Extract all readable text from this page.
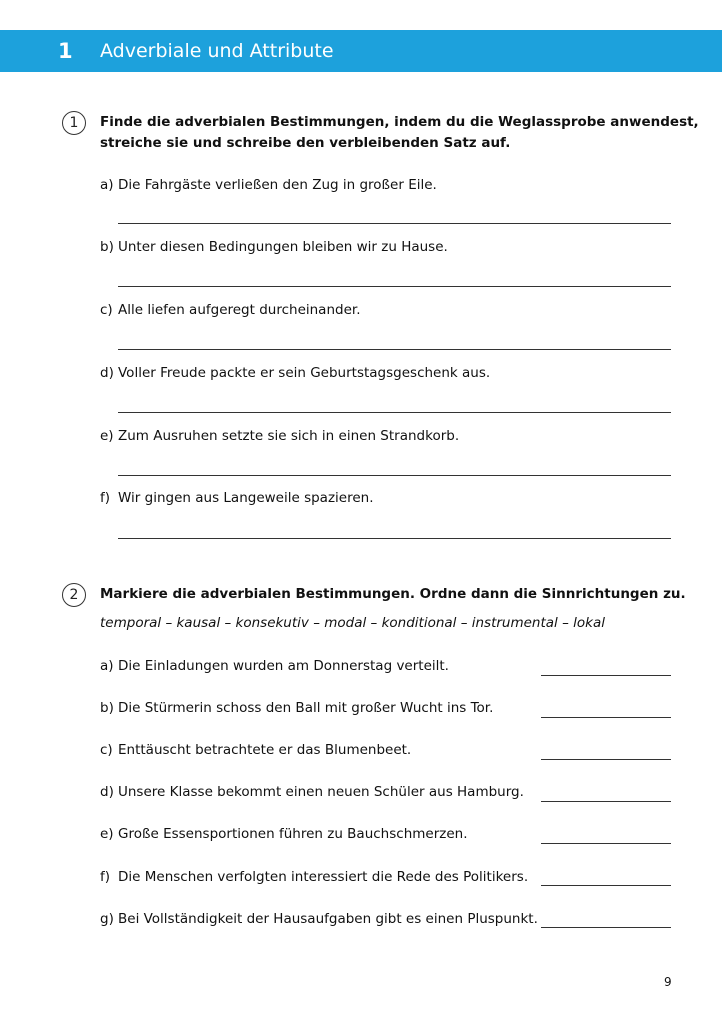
1 Adverbiale und Attribute
1	Finde die adverbialen Bestimmungen, indem du die Weglassprobe anwendest,
streiche sie und schreibe den verbleibenden Satz auf.
a) Die Fahrgäste verließen den Zug in großer Eile.
b) Unter diesen Bedingungen bleiben wir zu Hause.
c) Alle liefen aufgeregt durcheinander.
d) Voller Freude packte er sein Geburtstagsgeschenk aus.
e) Zum Ausruhen setzte sie sich in einen Strandkorb.
f) Wir gingen aus Langeweile spazieren.
2	Markiere die adverbialen Bestimmungen. Ordne dann die Sinnrichtungen zu.
temporal – kausal – konsekutiv – modal – konditional – instrumental – lokal
a) Die Einladungen wurden am Donnerstag verteilt.
b) Die Stürmerin schoss den Ball mit großer Wucht ins Tor.
c) Enttäuscht betrachtete er das Blumenbeet.
d) Unsere Klasse bekommt einen neuen Schüler aus Hamburg.
e) Große Essensportionen führen zu Bauchschmerzen.
f) Die Menschen verfolgten interessiert die Rede des Politikers.
g) Bei Vollständigkeit der Hausaufgaben gibt es einen Pluspunkt.
9
